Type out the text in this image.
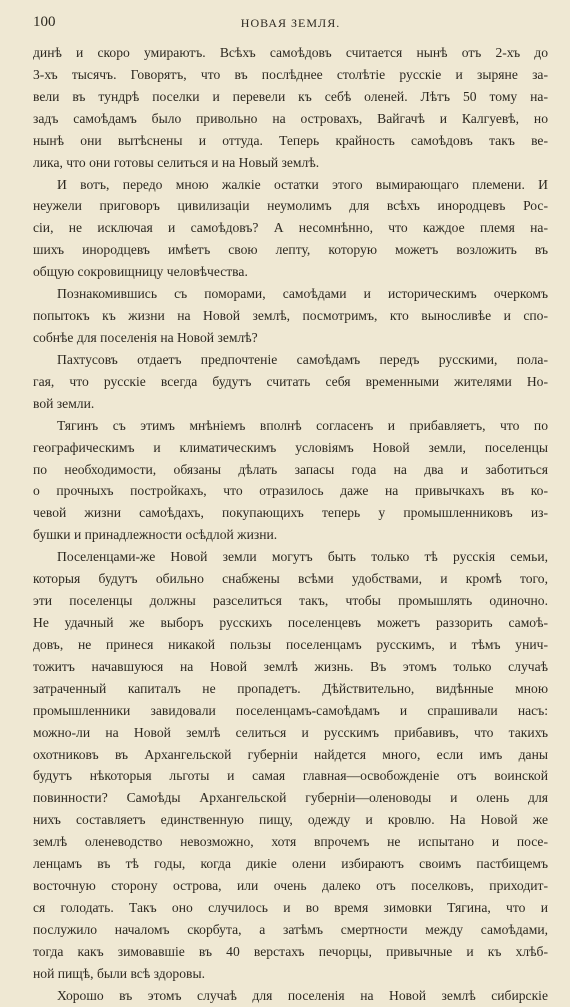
100	НОВАЯ ЗЕМЛЯ.
динѣ и скоро умираютъ. Всѣхъ самоѣдовъ считается нынѣ отъ 2-хъ до
3-хъ тысячъ. Говорятъ, что въ послѣднее столѣтіе русскіе и зыряне за-
вели въ тундрѣ поселки и перевели къ себѣ оленей. Лѣтъ 50 тому на-
задъ самоѣдамъ было привольно на островахъ, Вайгачѣ и Калгуевѣ, но
нынѣ они вытѣснены и оттуда. Теперь крайность самоѣдовъ такъ ве-
лика, что они готовы селиться и на Новый землѣ.
И вотъ, передо мною жалкіе остатки этого вымирающаго племени. И
неужели приговоръ цивилизаціи неумолимъ для всѣхъ инородцевъ Рос-
сіи, не исключая и самоѣдовъ? А несомнѣнно, что каждое племя на-
шихъ инородцевъ имѣетъ свою лепту, которую можетъ возложить въ
общую сокровищницу человѣчества.
Познакомившись съ поморами, самоѣдами и историческимъ очеркомъ
попытокъ къ жизни на Новой землѣ, посмотримъ, кто выносливѣе и спо-
собнѣе для поселенія на Новой землѣ?
Пахтусовъ отдаетъ предпочтеніе самоѣдамъ передъ русскими, пола-
гая, что русскіе всегда будутъ считать себя временными жителями Но-
вой земли.
Тягинъ съ этимъ мнѣніемъ вполнѣ согласенъ и прибавляетъ, что по
географическимъ и климатическимъ условіямъ Новой земли, поселенцы
по необходимости, обязаны дѣлать запасы года на два и заботиться
о прочныхъ постройкахъ, что отразилось даже на привычкахъ въ ко-
чевой жизни самоѣдахъ, покупающихъ теперь у промышленниковъ из-
бушки и принадлежности осѣдлой жизни.
Поселенцами-же Новой земли могутъ быть только тѣ русскія семьи,
которыя будутъ обильно снабжены всѣми удобствами, и кромѣ того,
эти поселенцы должны разселиться такъ, чтобы промышлять одиночно.
Не удачный же выборъ русскихъ поселенцевъ можетъ раззорить самоѣ-
довъ, не принеся никакой пользы поселенцамъ русскимъ, и тѣмъ унич-
тожитъ начавшуюся на Новой землѣ жизнь. Въ этомъ только случаѣ
затраченный капиталъ не пропадетъ. Дѣйствительно, видѣнные мною
промышленники завидовали поселенцамъ-самоѣдамъ и спрашивали насъ:
можно-ли на Новой землѣ селиться и русскимъ прибавивъ, что такихъ
охотниковъ въ Архангельской губерніи найдется много, если имъ даны
будутъ нѣкоторыя льготы и самая главная—освобожденіе отъ воинской
повинности? Самоѣды Архангельской губерніи—оленоводы и олень для
нихъ составляетъ единственную пищу, одежду и кровлю. На Новой же
землѣ оленеводство невозможно, хотя впрочемъ не испытано и посе-
ленцамъ въ тѣ годы, когда дикіе олени избираютъ своимъ пастбищемъ
восточную сторону острова, или очень далеко отъ поселковъ, приходит-
ся голодать. Такъ оно случилось и во время зимовки Тягина, что и
послужило началомъ скорбута, а затѣмъ смертности между самоѣдами,
тогда какъ зимовавшіе въ 40 верстахъ печорцы, привычные и къ хлѣб-
ной пищѣ, были всѣ здоровы.
Хорошо въ этомъ случаѣ для поселенія на Новой землѣ сибирскіе
